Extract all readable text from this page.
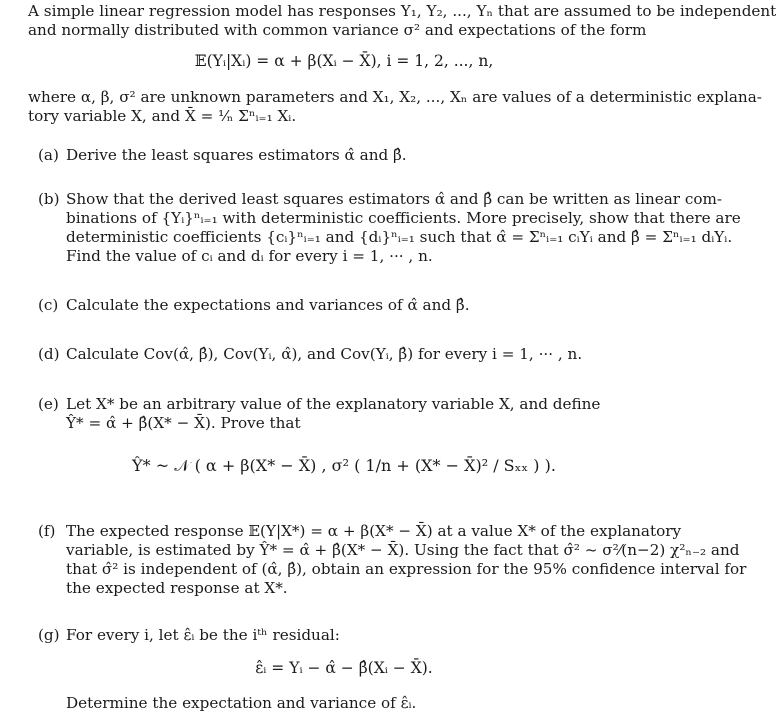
A simple linear regression model has responses Y₁, Y₂, ..., Yₙ that are assumed to be independent
and normally distributed with common variance σ² and expectations of the form
𝔼(Yᵢ|Xᵢ) = α + β(Xᵢ − X̄), i = 1, 2, ..., n,
where α, β, σ² are unknown parameters and X₁, X₂, ..., Xₙ are values of a deterministic explana-
tory variable X, and X̄ = ¹⁄ₙ Σⁿᵢ₌₁ Xᵢ.
(a) Derive the least squares estimators α̂ and β̂.
(b) Show that the derived least squares estimators α̂ and β̂ can be written as linear com-
binations of {Yᵢ}ⁿᵢ₌₁ with deterministic coefficients. More precisely, show that there are
deterministic coefficients {cᵢ}ⁿᵢ₌₁ and {dᵢ}ⁿᵢ₌₁ such that α̂ = Σⁿᵢ₌₁ cᵢYᵢ and β̂ = Σⁿᵢ₌₁ dᵢYᵢ.
Find the value of cᵢ and dᵢ for every i = 1, ··· , n.
(c) Calculate the expectations and variances of α̂ and β̂.
(d) Calculate Cov(α̂, β̂), Cov(Yᵢ, α̂), and Cov(Yᵢ, β̂) for every i = 1, ··· , n.
(e) Let X* be an arbitrary value of the explanatory variable X, and define
Ŷ* = α̂ + β̂(X* − X̄). Prove that
Ŷ* ~ 𝒩 ( α + β(X* − X̄) , σ² ( 1/n + (X* − X̄)² / Sₓₓ ) ).
(f) The expected response 𝔼(Y|X*) = α + β(X* − X̄) at a value X* of the explanatory
variable, is estimated by Ŷ* = α̂ + β̂(X* − X̄). Using the fact that σ̂² ~ σ²⁄(n−2) χ²ₙ₋₂ and
that σ̂² is independent of (α̂, β̂), obtain an expression for the 95% confidence interval for
the expected response at X*.
(g) For every i, let ε̂ᵢ be the iᵗʰ residual:
ε̂ᵢ = Yᵢ − α̂ − β̂(Xᵢ − X̄).
Determine the expectation and variance of ε̂ᵢ.
